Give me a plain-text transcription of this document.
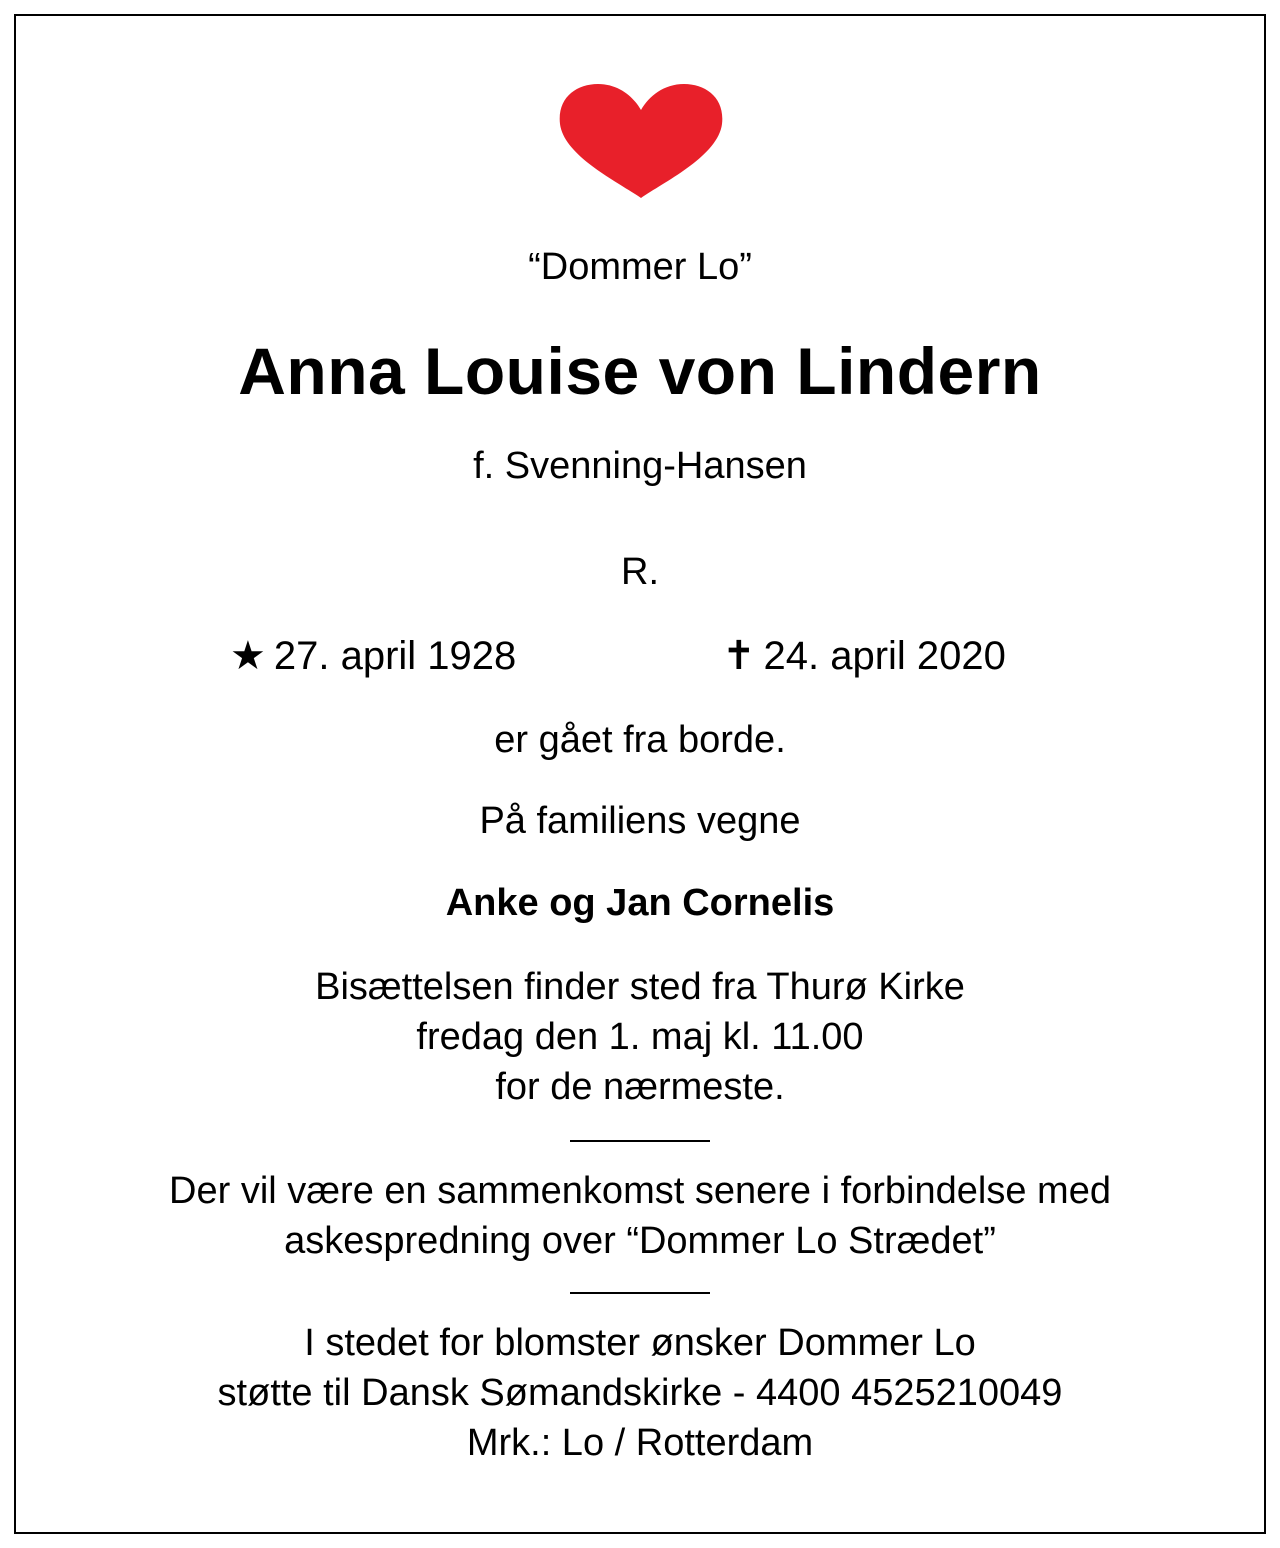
“Dommer Lo”
Anna Louise von Lindern
f. Svenning-Hansen
R.
★ 27. april 1928	✝ 24. april 2020
er gået fra borde.
På familiens vegne
Anke og Jan Cornelis
Bisættelsen finder sted fra Thurø Kirke
fredag den 1. maj kl. 11.00
for de nærmeste.
Der vil være en sammenkomst senere i forbindelse med
askespredning over “Dommer Lo Strædet”
I stedet for blomster ønsker Dommer Lo
støtte til Dansk Sømandskirke - 4400 4525210049
Mrk.: Lo / Rotterdam
